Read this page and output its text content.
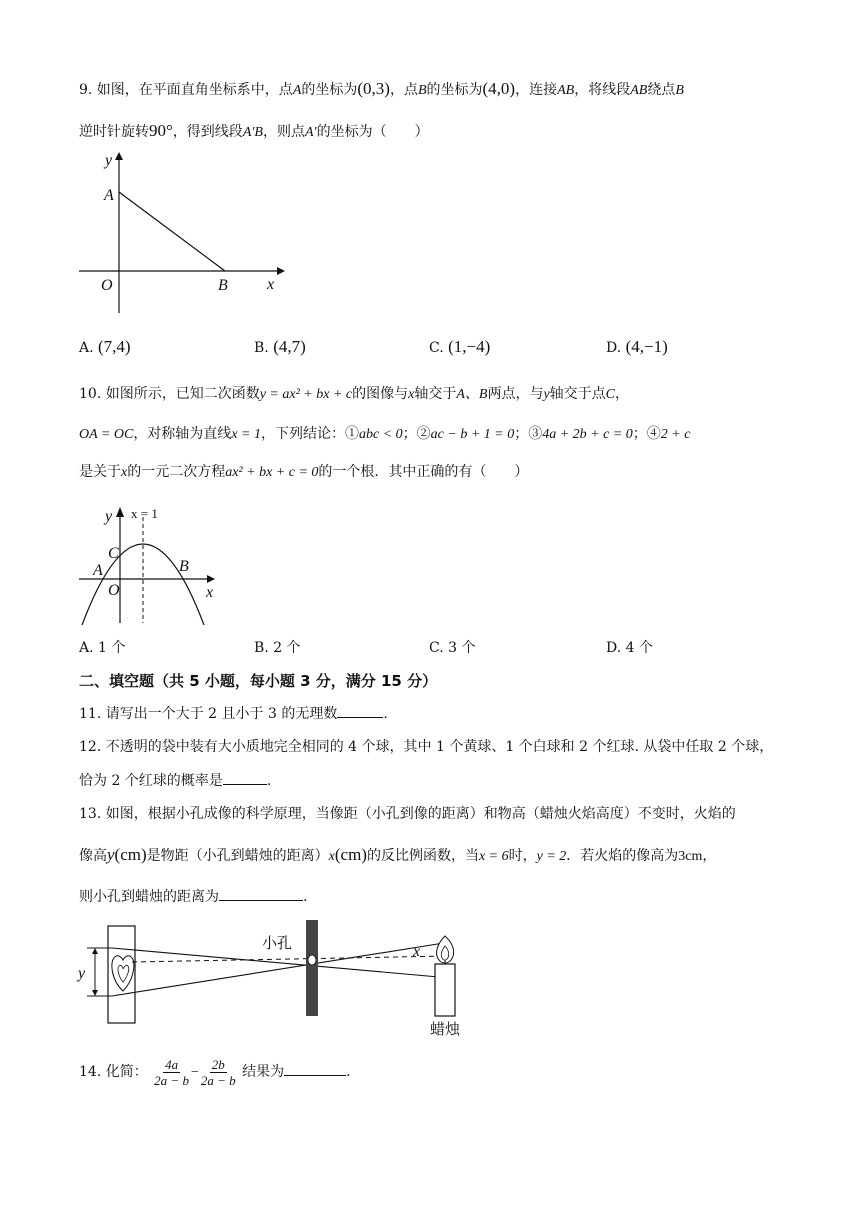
9. 如图，在平面直角坐标系中，点A的坐标为(0,3)，点B的坐标为(4,0)，连接AB，将线段AB绕点B
逆时针旋转90°，得到线段A′B，则点A′的坐标为（　　）
y
A
O	B x
A. (7,4)	B. (4,7)	C. (1,−4)	D. (4,−1)
10. 如图所示，已知二次函数y = ax² + bx + c的图像与x轴交于A、B两点，与y轴交于点C，
OA = OC，对称轴为直线x = 1，下列结论：①abc < 0；②ac − b + 1 = 0；③4a + 2b + c = 0；④2 + c
是关于x的一元二次方程ax² + bx + c = 0的一个根．其中正确的有（　　）
y x = 1
C
A
O
B
x
A. 1 个	B. 2 个	C. 3 个	D. 4 个
二、填空题（共 5 小题，每小题 3 分，满分 15 分）
11. 请写出一个大于 2 且小于 3 的无理数	.
12. 不透明的袋中装有大小质地完全相同的 4 个球，其中 1 个黄球、1 个白球和 2 个红球. 从袋中任取 2 个球，
恰为 2 个红球的概率是	.
13. 如图，根据小孔成像的科学原理，当像距（小孔到像的距离）和物高（蜡烛火焰高度）不变时，火焰的
像高y(cm)是物距（小孔到蜡烛的距离）x(cm)的反比例函数，当x = 6时，y = 2．若火焰的像高为3cm，
则小孔到蜡烛的距离为	.
小孔
蜡烛
x
y
14. 化简： $\frac{4a}{2a - b} - \frac{2b}{2a - b}$ 结果为	.
